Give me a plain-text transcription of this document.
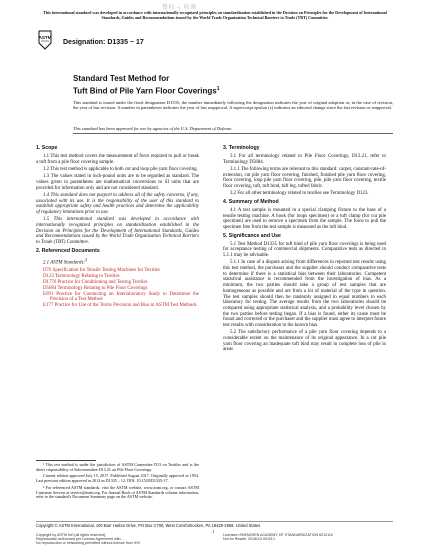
鲁标 ┐ 标准
This international standard was developed in accordance with internationally recognized principles on standardization established in the Decision on Principles for the Development of International Standards, Guides and Recommendations issued by the World Trade Organization Technical Barriers to Trade (TBT) Committee.
ASTM
Designation: D1335 − 17
Standard Test Method for
Tuft Bind of Pile Yarn Floor Coverings$^1$
This standard is issued under the fixed designation D1335; the number immediately following the designation indicates the year of original adoption or, in the case of revision, the year of last revision. A number in parentheses indicates the year of last reapproval. A superscript epsilon (ε) indicates an editorial change since the last revision or reapproval.
This standard has been approved for use by agencies of the U.S. Department of Defense.
1. Scope

1.1 This test method covers the measurement of force required to pull or break a tuft from a pile floor covering sample.

1.2 This test method is applicable to both cut and loop pile yarn floor covering.

1.3 The values stated in inch-pound units are to be regarded as standard. The values given in parentheses are mathematical conversions to SI units that are provided for information only and are not considered standard.

1.4 This standard does not purport to address all of the safety concerns, if any, associated with its use. It is the responsibility of the user of this standard to establish appropriate safety and health practices and determine the applicability of regulatory limitations prior to use.

1.5 This international standard was developed in accordance with internationally recognized principles on standardization established in the Decision on Principles for the Development of International Standards, Guides and Recommendations issued by the World Trade Organization Technical Barriers to Trade (TBT) Committee.

2. Referenced Documents

2.1 ASTM Standards:$^2$

D76 Specification for Tensile Testing Machines for Textiles
D123 Terminology Relating to Textiles
D1776 Practice for Conditioning and Testing Textiles
D5684 Terminology Relating to Pile Floor Coverings
E691 Practice for Conducting an Interlaboratory Study to Determine the Precision of a Test Method
E177 Practice for Use of the Terms Precision and Bias in ASTM Test Methods
3. Terminology

3.1 For all terminology related to Pile Floor Coverings, D13.21, refer to Terminology D5684.

3.1.1 The following terms are relevant to this standard: carpet, constant-rate-of-extension, cut pile yarn floor covering, finished, finished pile yarn floor covering, floor covering, loop pile yarn floor covering, pile, pile yarn floor covering, textile floor covering, tuft, tuft bind, tuft leg, tufted fabric.

3.2 For all other terminology related to textiles see Terminology D123.

4. Summary of Method

4.1 A test sample is mounted in a special clamping fixture to the base of a tensile testing machine. A hook (for loops specimen) or a tuft clamp (for cut pile specimen) are used to remove a specimen from the sample. The force to pull the specimen free from the test sample is measured as the tuft bind.

5. Significance and Use

5.1 Test Method D1335 for tuft bind of pile yarn floor coverings is being used for acceptance testing of commercial shipments. Comparative tests as directed in 5.1.1 may be advisable.

5.1.1 In case of a dispute arising from differences in reported test results using this test method, the purchaser and the supplier should conduct comparative tests to determine if there is a statistical bias between their laboratories. Competent statistical assistance is recommended from the investigation of bias. As a minimum, the two parties should take a group of test samples that are homogeneous as possible and are from a lot of material of the type in question. The test samples should then be randomly assigned in equal numbers to each laboratory for testing. The average results from the two laboratories should be compared using appropriate statistical analysis, and a probability level chosen by the two parties before testing began. If a bias is found, either its cause must be found and corrected or the purchaser and the supplier must agree to interpret future test results with consideration to the known bias.

5.2 The satisfactory performance of a pile yarn floor covering depends to a considerable extent on the maintenance of its original appearance. In a cut pile yarn floor covering an inadequate tuft bind may result in complete loss of pile in areas

¹ This test method is under the jurisdiction of ASTM Committee D13 on Textiles and is the direct responsibility of Subcommittee D13.21 on Pile Floor Coverings.

Current edition approved July 15, 2017. Published August 2017. Originally approved in 1954. Last previous edition approved in 2012 as D1335 – 12. DOI: 10.1520/D1335-17.

² For referenced ASTM standards, visit the ASTM website, www.astm.org, or contact ASTM Customer Service at service@astm.org. For Annual Book of ASTM Standards volume information, refer to the standard's Document Summary page on the ASTM website.

Copyright © ASTM International, 100 Barr Harbor Drive, PO Box C700, West Conshohocken, PA 19428-2959. United States
1
Copyright by ASTM Int'l (all rights reserved);
Reproduction authorized per License Agreement with ...
No reproduction or networking permitted without license from IHS
Licensee=SHENZHEN ACADEMY OF STANDARDIZATION 6012110
Not for Resale, 2018/1/3 09:53:1
